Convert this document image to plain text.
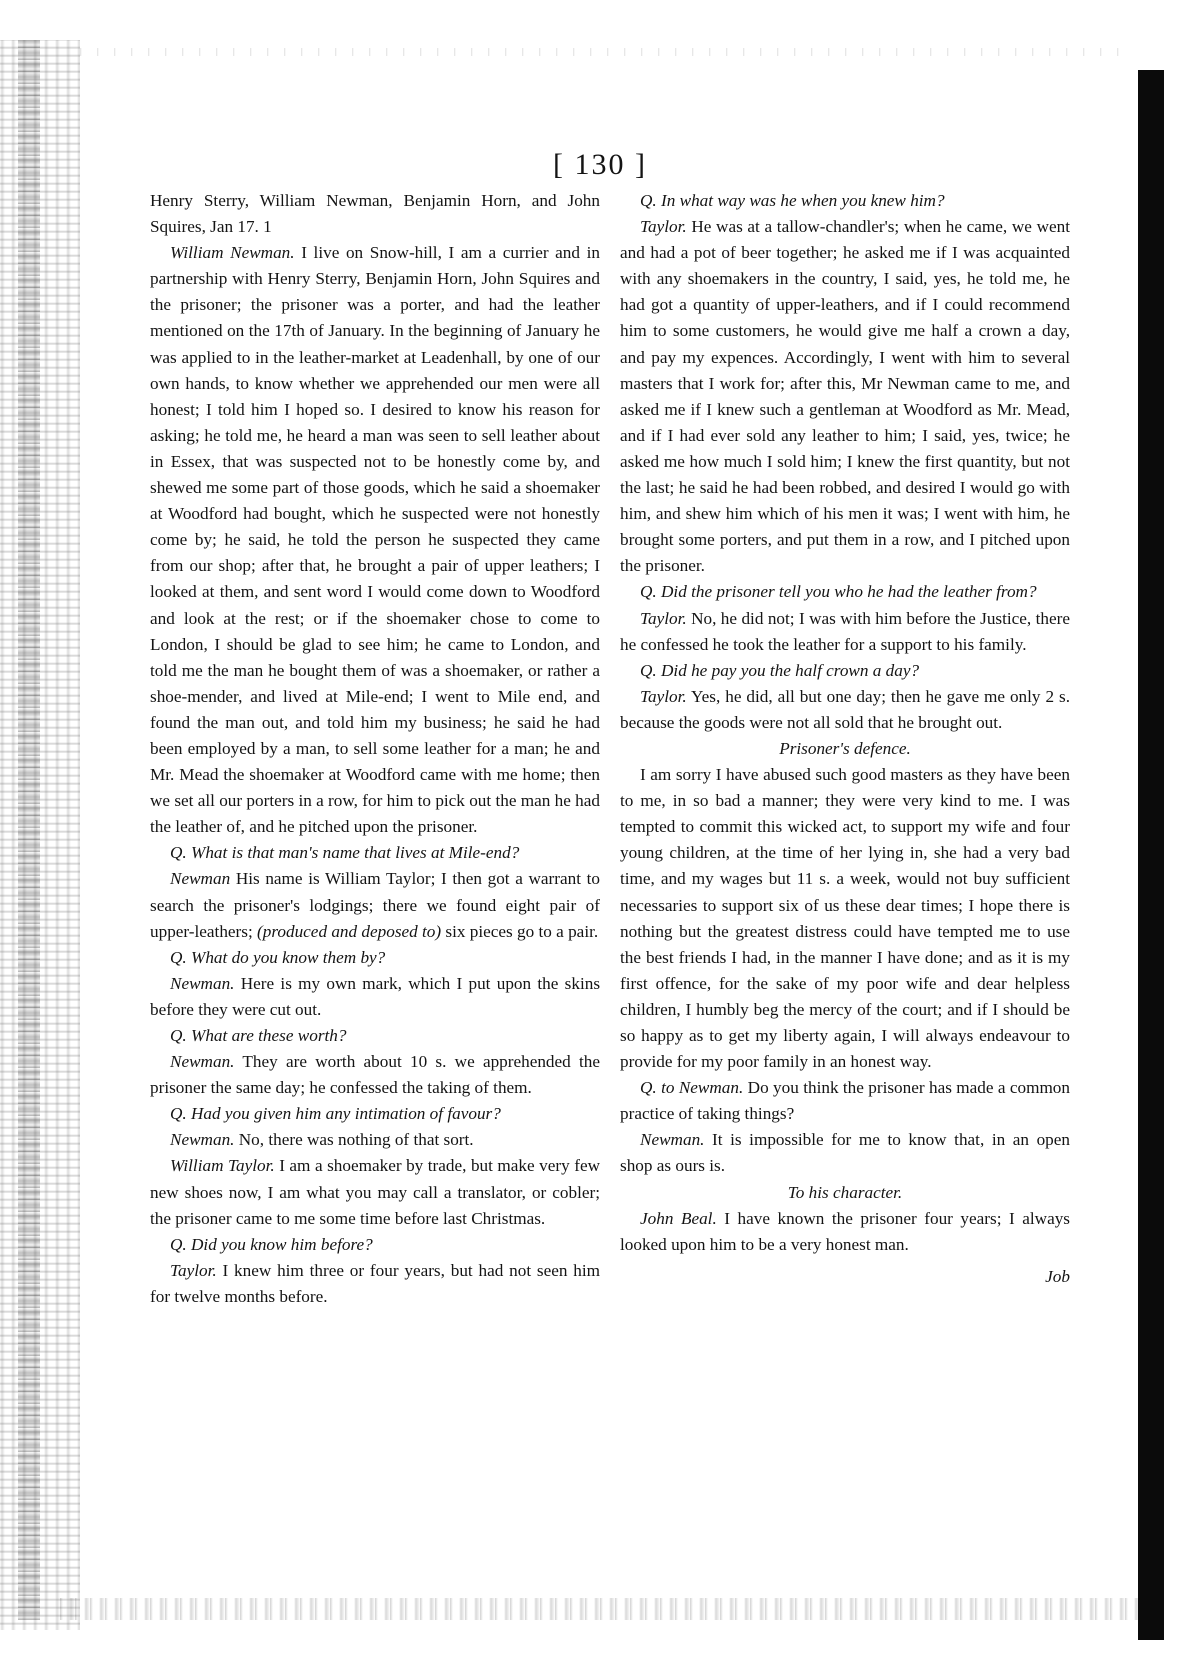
[ 130 ]

Henry Sterry, William Newman, Benjamin Horn, and John Squires, Jan 17. 1

William Newman. I live on Snow-hill, I am a currier and in partnership with Henry Sterry, Benjamin Horn, John Squires and the prisoner; the prisoner was a porter, and had the leather mentioned on the 17th of January. In the beginning of January he was applied to in the leather-market at Leadenhall, by one of our own hands, to know whether we apprehended our men were all honest; I told him I hoped so. I desired to know his reason for asking; he told me, he heard a man was seen to sell leather about in Essex, that was suspected not to be honestly come by, and shewed me some part of those goods, which he said a shoemaker at Woodford had bought, which he suspected were not honestly come by; he said, he told the person he suspected they came from our shop; after that, he brought a pair of upper leathers; I looked at them, and sent word I would come down to Woodford and look at the rest; or if the shoemaker chose to come to London, I should be glad to see him; he came to London, and told me the man he bought them of was a shoemaker, or rather a shoe-mender, and lived at Mile-end; I went to Mile end, and found the man out, and told him my business; he said he had been employed by a man, to sell some leather for a man; he and Mr. Mead the shoemaker at Woodford came with me home; then we set all our porters in a row, for him to pick out the man he had the leather of, and he pitched upon the prisoner.

Q. What is that man's name that lives at Mile-end?

Newman His name is William Taylor; I then got a warrant to search the prisoner's lodgings; there we found eight pair of upper-leathers; (produced and deposed to) six pieces go to a pair.

Q. What do you know them by?

Newman. Here is my own mark, which I put upon the skins before they were cut out.

Q. What are these worth?

Newman. They are worth about 10 s. we apprehended the prisoner the same day; he confessed the taking of them.

Q. Had you given him any intimation of favour?

Newman. No, there was nothing of that sort.

William Taylor. I am a shoemaker by trade, but make very few new shoes now, I am what you may call a translator, or cobler; the prisoner came to me some time before last Christmas.

Q. Did you know him before?

Taylor. I knew him three or four years, but had not seen him for twelve months before.

Q. In what way was he when you knew him?

Taylor. He was at a tallow-chandler's; when he came, we went and had a pot of beer together; he asked me if I was acquainted with any shoemakers in the country, I said, yes, he told me, he had got a quantity of upper-leathers, and if I could recommend him to some customers, he would give me half a crown a day, and pay my expences. Accordingly, I went with him to several masters that I work for; after this, Mr Newman came to me, and asked me if I knew such a gentleman at Woodford as Mr. Mead, and if I had ever sold any leather to him; I said, yes, twice; he asked me how much I sold him; I knew the first quantity, but not the last; he said he had been robbed, and desired I would go with him, and shew him which of his men it was; I went with him, he brought some porters, and put them in a row, and I pitched upon the prisoner.

Q. Did the prisoner tell you who he had the leather from?

Taylor. No, he did not; I was with him before the Justice, there he confessed he took the leather for a support to his family.

Q. Did he pay you the half crown a day?

Taylor. Yes, he did, all but one day; then he gave me only 2 s. because the goods were not all sold that he brought out.

Prisoner's defence.

I am sorry I have abused such good masters as they have been to me, in so bad a manner; they were very kind to me. I was tempted to commit this wicked act, to support my wife and four young children, at the time of her lying in, she had a very bad time, and my wages but 11 s. a week, would not buy sufficient necessaries to support six of us these dear times; I hope there is nothing but the greatest distress could have tempted me to use the best friends I had, in the manner I have done; and as it is my first offence, for the sake of my poor wife and dear helpless children, I humbly beg the mercy of the court; and if I should be so happy as to get my liberty again, I will always endeavour to provide for my poor family in an honest way.

Q. to Newman. Do you think the prisoner has made a common practice of taking things?

Newman. It is impossible for me to know that, in an open shop as ours is.

To his character.

John Beal. I have known the prisoner four years; I always looked upon him to be a very honest man.

Job
